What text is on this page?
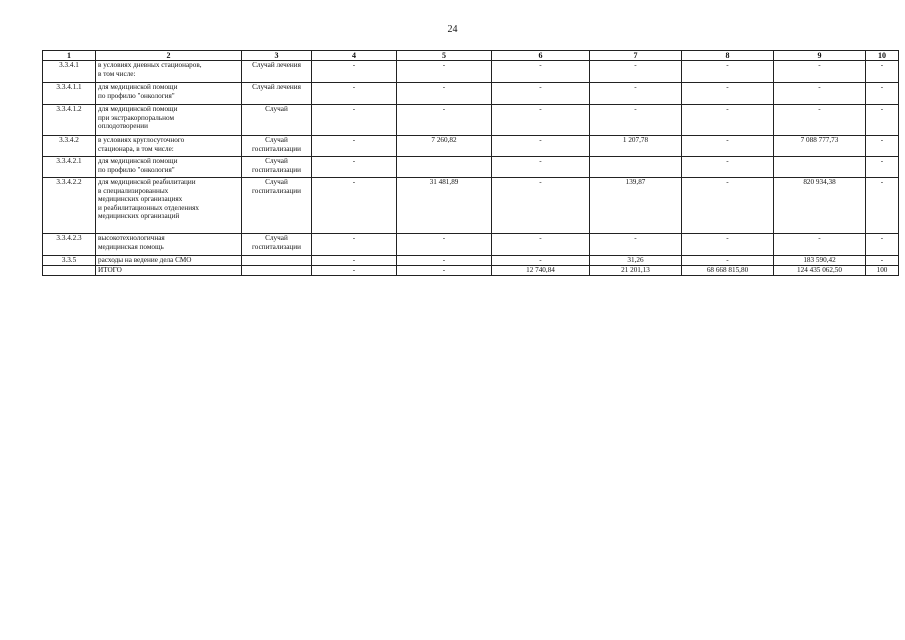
24
1	2	3	4	5	6	7	8	9	10
3.3.4.1	в условиях дневных стационаров,
в том числе:	Случай лечения	-	-	-	-	-	-	-
3.3.4.1.1	для медицинской помощи
по профилю "онкология"	Случай лечения	-	-	-	-	-	-	-
3.3.4.1.2	для медицинской помощи
при экстракорпоральном
оплодотворении	Случай	-	-	-	-	-	-	-
3.3.4.2	в условиях круглосуточного
стационара, в том числе:	Случай
госпитализации	-	7 260,82	-	1 207,78	-	7 088 777,73	-
3.3.4.2.1	для медицинской помощи
по профилю "онкология"	Случай
госпитализации	-		-		-		-
3.3.4.2.2	для медицинской реабилитации
в специализированных
медицинских организациях
и реабилитационных отделениях
медицинских организаций	Случай
госпитализации	-	31 481,89	-	139,87	-	820 934,38	-
3.3.4.2.3	высокотехнологичная
медицинская помощь	Случай
госпитализации	-	-	-	-	-	-	-
3.3.5	расходы на ведение дела СМО		-	-	-	31,26	-	183 590,42	-
	ИТОГО		-	-	12 740,84	21 201,13	68 668 815,80	124 435 062,50	100
